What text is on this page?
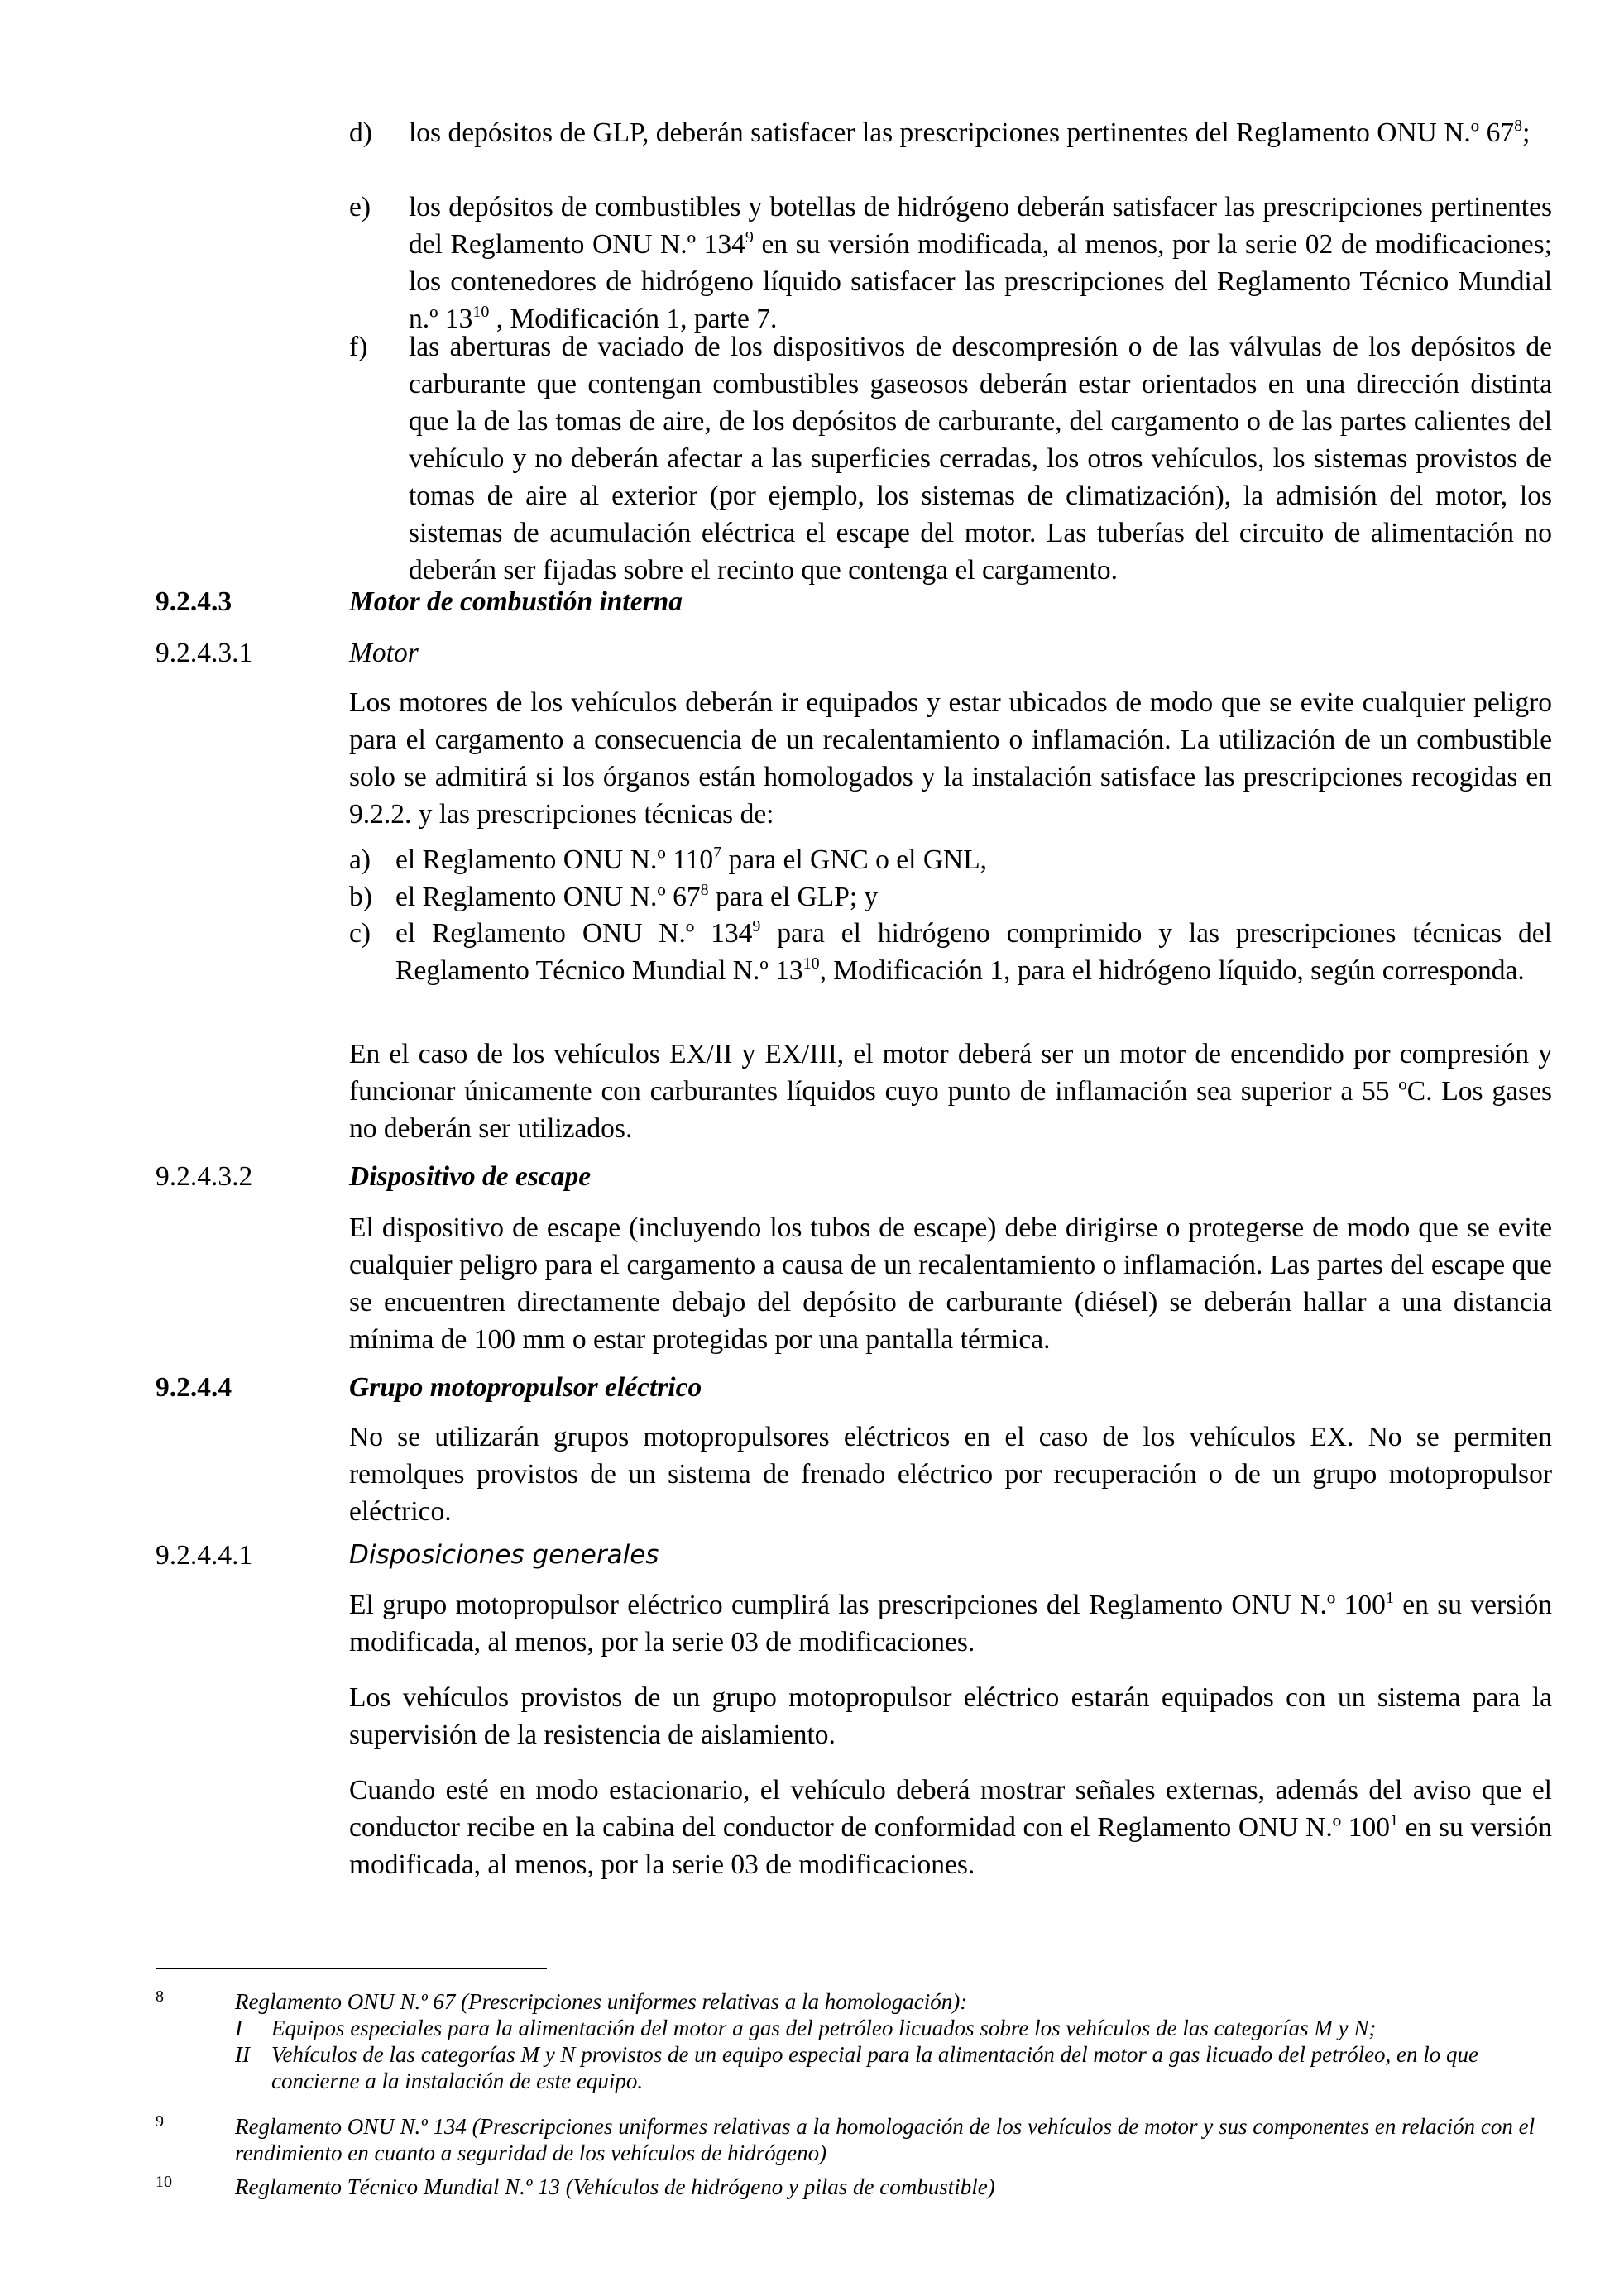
d) los depósitos de GLP, deberán satisfacer las prescripciones pertinentes del Reglamento ONU N.º $67^8$;
e) los depósitos de combustibles y botellas de hidrógeno deberán satisfacer las prescripciones pertinentes del Reglamento ONU N.º $134^9$ en su versión modificada, al menos, por la serie 02 de modificaciones; los contenedores de hidrógeno líquido satisfacer las prescripciones del Reglamento Técnico Mundial n.º $13^{10}$ , Modificación 1, parte 7.
f) las aberturas de vaciado de los dispositivos de descompresión o de las válvulas de los depósitos de carburante que contengan combustibles gaseosos deberán estar orientados en una dirección distinta que la de las tomas de aire, de los depósitos de carburante, del cargamento o de las partes calientes del vehículo y no deberán afectar a las superficies cerradas, los otros vehículos, los sistemas provistos de tomas de aire al exterior (por ejemplo, los sistemas de climatización), la admisión del motor, los sistemas de acumulación eléctrica el escape del motor. Las tuberías del circuito de alimentación no deberán ser fijadas sobre el recinto que contenga el cargamento.
9.2.4.3	Motor de combustión interna
9.2.4.3.1	Motor
Los motores de los vehículos deberán ir equipados y estar ubicados de modo que se evite cualquier peligro para el cargamento a consecuencia de un recalentamiento o inflamación. La utilización de un combustible solo se admitirá si los órganos están homologados y la instalación satisface las prescripciones recogidas en 9.2.2. y las prescripciones técnicas de:
a) el Reglamento ONU N.º $110^7$ para el GNC o el GNL,
b) el Reglamento ONU N.º $67^8$ para el GLP; y
c) el Reglamento ONU N.º $134^9$ para el hidrógeno comprimido y las prescripciones técnicas del Reglamento Técnico Mundial N.º $13^{10}$, Modificación 1, para el hidrógeno líquido, según corresponda.
En el caso de los vehículos EX/II y EX/III, el motor deberá ser un motor de encendido por compresión y funcionar únicamente con carburantes líquidos cuyo punto de inflamación sea superior a 55 ºC. Los gases no deberán ser utilizados.
9.2.4.3.2	Dispositivo de escape
El dispositivo de escape (incluyendo los tubos de escape) debe dirigirse o protegerse de modo que se evite cualquier peligro para el cargamento a causa de un recalentamiento o inflamación. Las partes del escape que se encuentren directamente debajo del depósito de carburante (diésel) se deberán hallar a una distancia mínima de 100 mm o estar protegidas por una pantalla térmica.
9.2.4.4	Grupo motopropulsor eléctrico
No se utilizarán grupos motopropulsores eléctricos en el caso de los vehículos EX. No se permiten remolques provistos de un sistema de frenado eléctrico por recuperación o de un grupo motopropulsor eléctrico.
9.2.4.4.1	Disposiciones generales
El grupo motopropulsor eléctrico cumplirá las prescripciones del Reglamento ONU N.º $100^1$ en su versión modificada, al menos, por la serie 03 de modificaciones.
Los vehículos provistos de un grupo motopropulsor eléctrico estarán equipados con un sistema para la supervisión de la resistencia de aislamiento.
Cuando esté en modo estacionario, el vehículo deberá mostrar señales externas, además del aviso que el conductor recibe en la cabina del conductor de conformidad con el Reglamento ONU N.º $100^1$ en su versión modificada, al menos, por la serie 03 de modificaciones.
8	Reglamento ONU N.º 67 (Prescripciones uniformes relativas a la homologación):
I Equipos especiales para la alimentación del motor a gas del petróleo licuados sobre los vehículos de las categorías M y N;
II Vehículos de las categorías M y N provistos de un equipo especial para la alimentación del motor a gas licuado del petróleo, en lo que concierne a la instalación de este equipo.
9	Reglamento ONU N.º 134 (Prescripciones uniformes relativas a la homologación de los vehículos de motor y sus componentes en relación con el rendimiento en cuanto a seguridad de los vehículos de hidrógeno)
10	Reglamento Técnico Mundial N.º 13 (Vehículos de hidrógeno y pilas de combustible)
